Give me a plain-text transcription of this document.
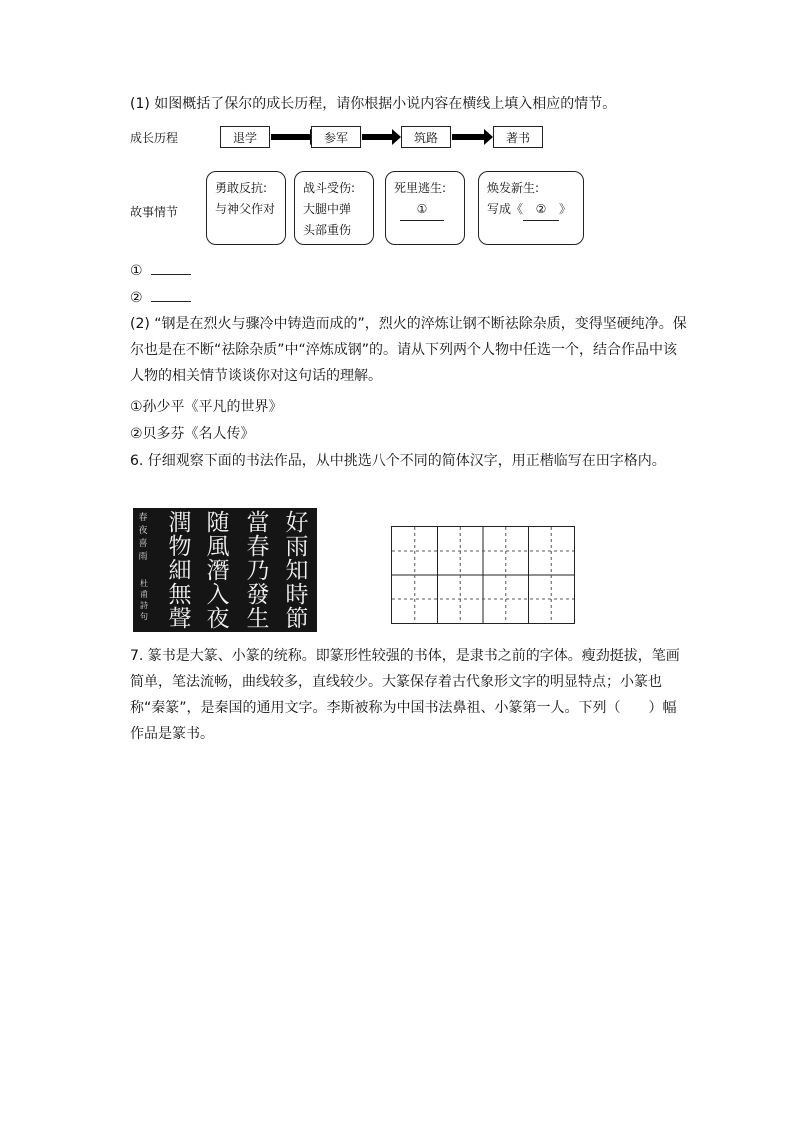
(1) 如图概括了保尔的成长历程，请你根据小说内容在横线上填入相应的情节。
成长历程
故事情节
退学	参军	筑路	著书
勇敢反抗:
与神父作对
战斗受伤:
大腿中弹
头部重伤
死里逃生:
①
焕发新生:
写成《 ② 》
①
②
(2) “钢是在烈火与骤冷中铸造而成的”，烈火的淬炼让钢不断祛除杂质，变得坚硬纯净。保尔也是在不断“祛除杂质”中“淬炼成钢”的。请从下列两个人物中任选一个，结合作品中该人物的相关情节谈谈你对这句话的理解。
①孙少平《平凡的世界》
②贝多芬《名人传》
6. 仔细观察下面的书法作品，从中挑选八个不同的简体汉字，用正楷临写在田字格内。
春夜喜雨
杜甫詩句
潤
物
細
無
聲
随
風
潛
入
夜
當
春
乃
發
生
好
雨
知
時
節
7. 篆书是大篆、小篆的统称。即篆形性较强的书体，是隶书之前的字体。瘦劲挺拔，笔画简单，笔法流畅，曲线较多，直线较少。大篆保存着古代象形文字的明显特点；小篆也称“秦篆”，是秦国的通用文字。李斯被称为中国书法鼻祖、小篆第一人。下列（　　）幅作品是篆书。
